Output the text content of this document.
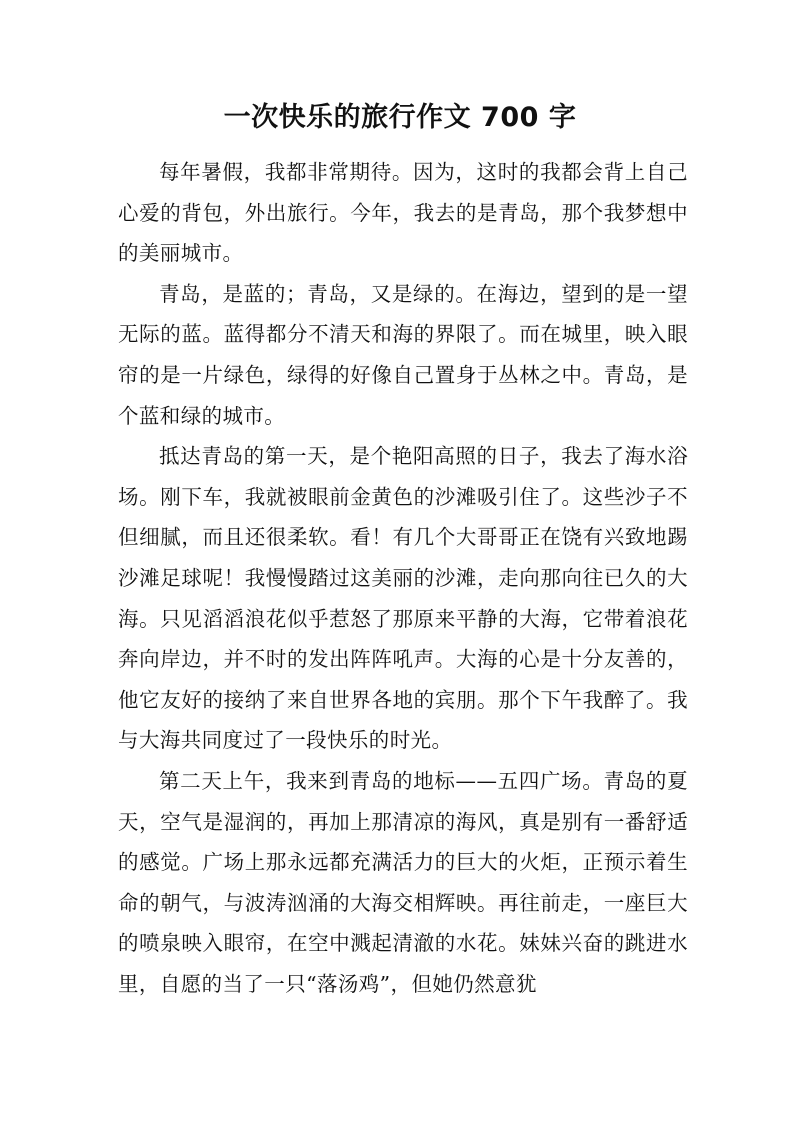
一次快乐的旅行作文 700 字

每年暑假，我都非常期待。因为，这时的我都会背上自己心爱的背包，外出旅行。今年，我去的是青岛，那个我梦想中的美丽城市。

青岛，是蓝的；青岛，又是绿的。在海边，望到的是一望无际的蓝。蓝得都分不清天和海的界限了。而在城里，映入眼帘的是一片绿色，绿得的好像自己置身于丛林之中。青岛，是个蓝和绿的城市。

抵达青岛的第一天，是个艳阳高照的日子，我去了海水浴场。刚下车，我就被眼前金黄色的沙滩吸引住了。这些沙子不但细腻，而且还很柔软。看！有几个大哥哥正在饶有兴致地踢沙滩足球呢！我慢慢踏过这美丽的沙滩，走向那向往已久的大海。只见滔滔浪花似乎惹怒了那原来平静的大海，它带着浪花奔向岸边，并不时的发出阵阵吼声。大海的心是十分友善的，他它友好的接纳了来自世界各地的宾朋。那个下午我醉了。我与大海共同度过了一段快乐的时光。

第二天上午，我来到青岛的地标——五四广场。青岛的夏天，空气是湿润的，再加上那清凉的海风，真是别有一番舒适的感觉。广场上那永远都充满活力的巨大的火炬，正预示着生命的朝气，与波涛汹涌的大海交相辉映。再往前走，一座巨大的喷泉映入眼帘，在空中溅起清澈的水花。妹妹兴奋的跳进水里，自愿的当了一只“落汤鸡”，但她仍然意犹
